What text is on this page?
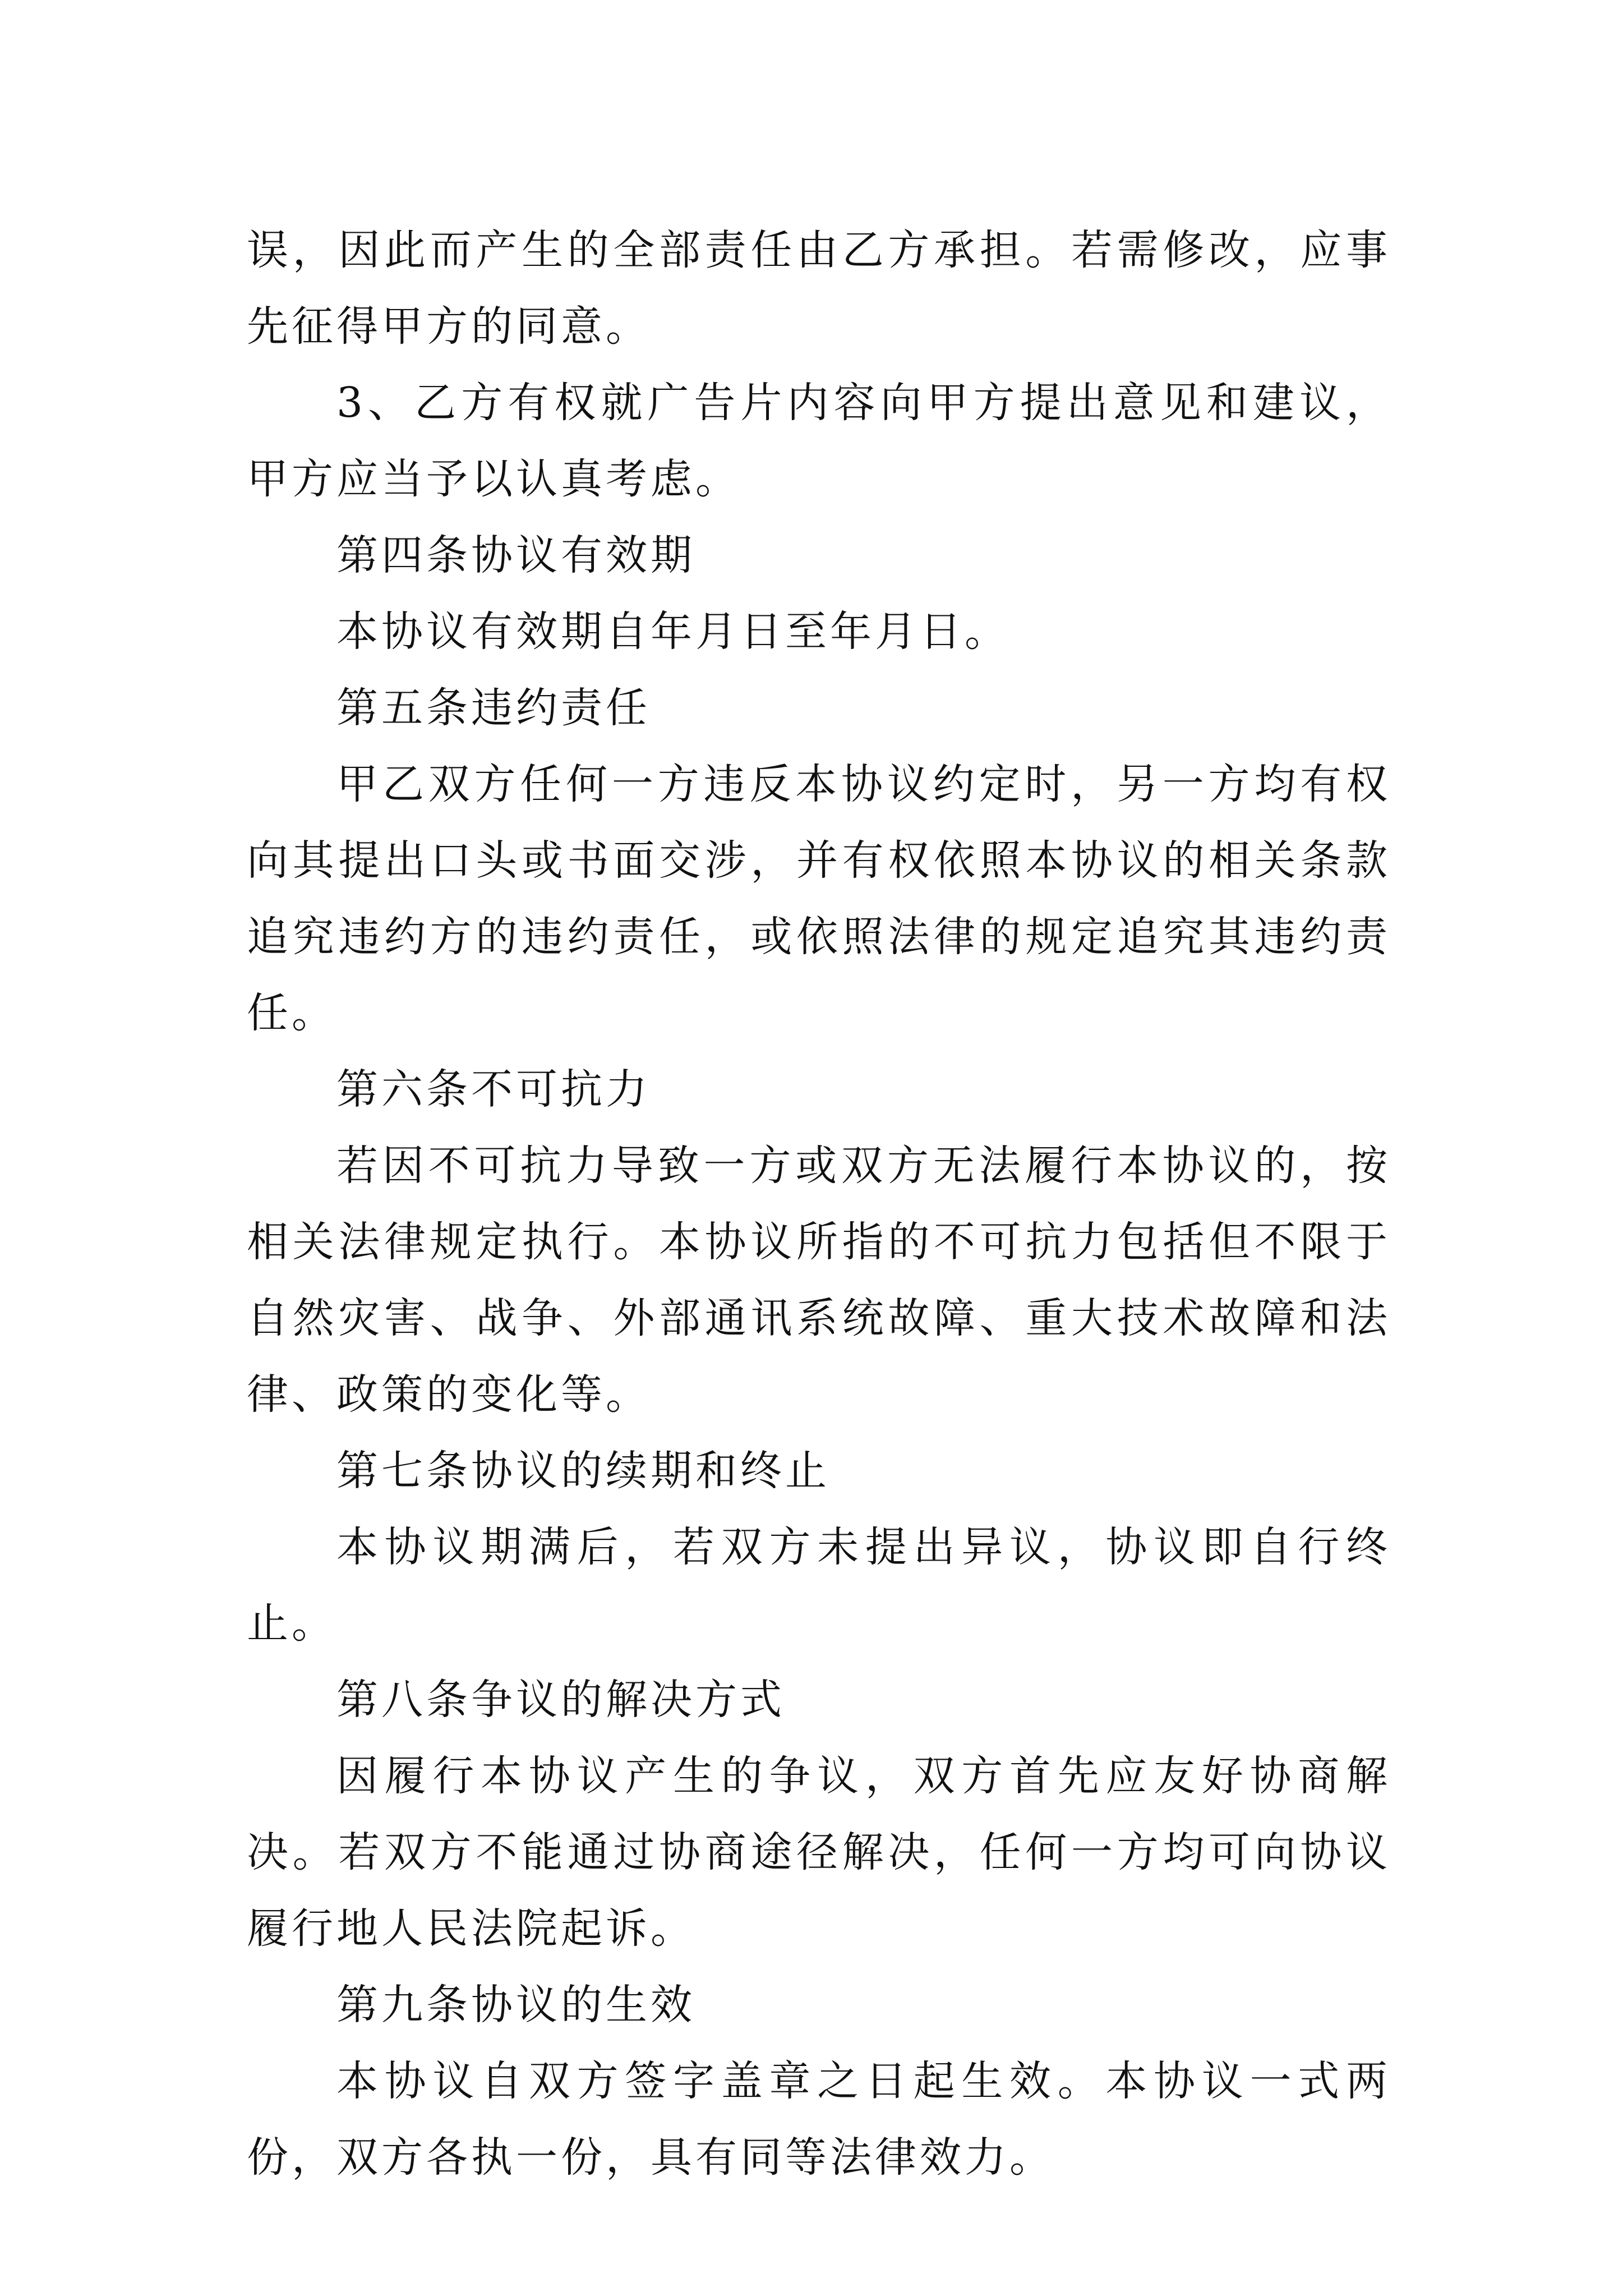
误，因此而产生的全部责任由乙方承担。若需修改，应事先征得甲方的同意。

3、乙方有权就广告片内容向甲方提出意见和建议，甲方应当予以认真考虑。

第四条协议有效期

本协议有效期自年月日至年月日。

第五条违约责任

甲乙双方任何一方违反本协议约定时，另一方均有权向其提出口头或书面交涉，并有权依照本协议的相关条款追究违约方的违约责任，或依照法律的规定追究其违约责任。

第六条不可抗力

若因不可抗力导致一方或双方无法履行本协议的，按相关法律规定执行。本协议所指的不可抗力包括但不限于自然灾害、战争、外部通讯系统故障、重大技术故障和法律、政策的变化等。

第七条协议的续期和终止

本协议期满后，若双方未提出异议，协议即自行终止。

第八条争议的解决方式

因履行本协议产生的争议，双方首先应友好协商解决。若双方不能通过协商途径解决，任何一方均可向协议履行地人民法院起诉。

第九条协议的生效

本协议自双方签字盖章之日起生效。本协议一式两份，双方各执一份，具有同等法律效力。
